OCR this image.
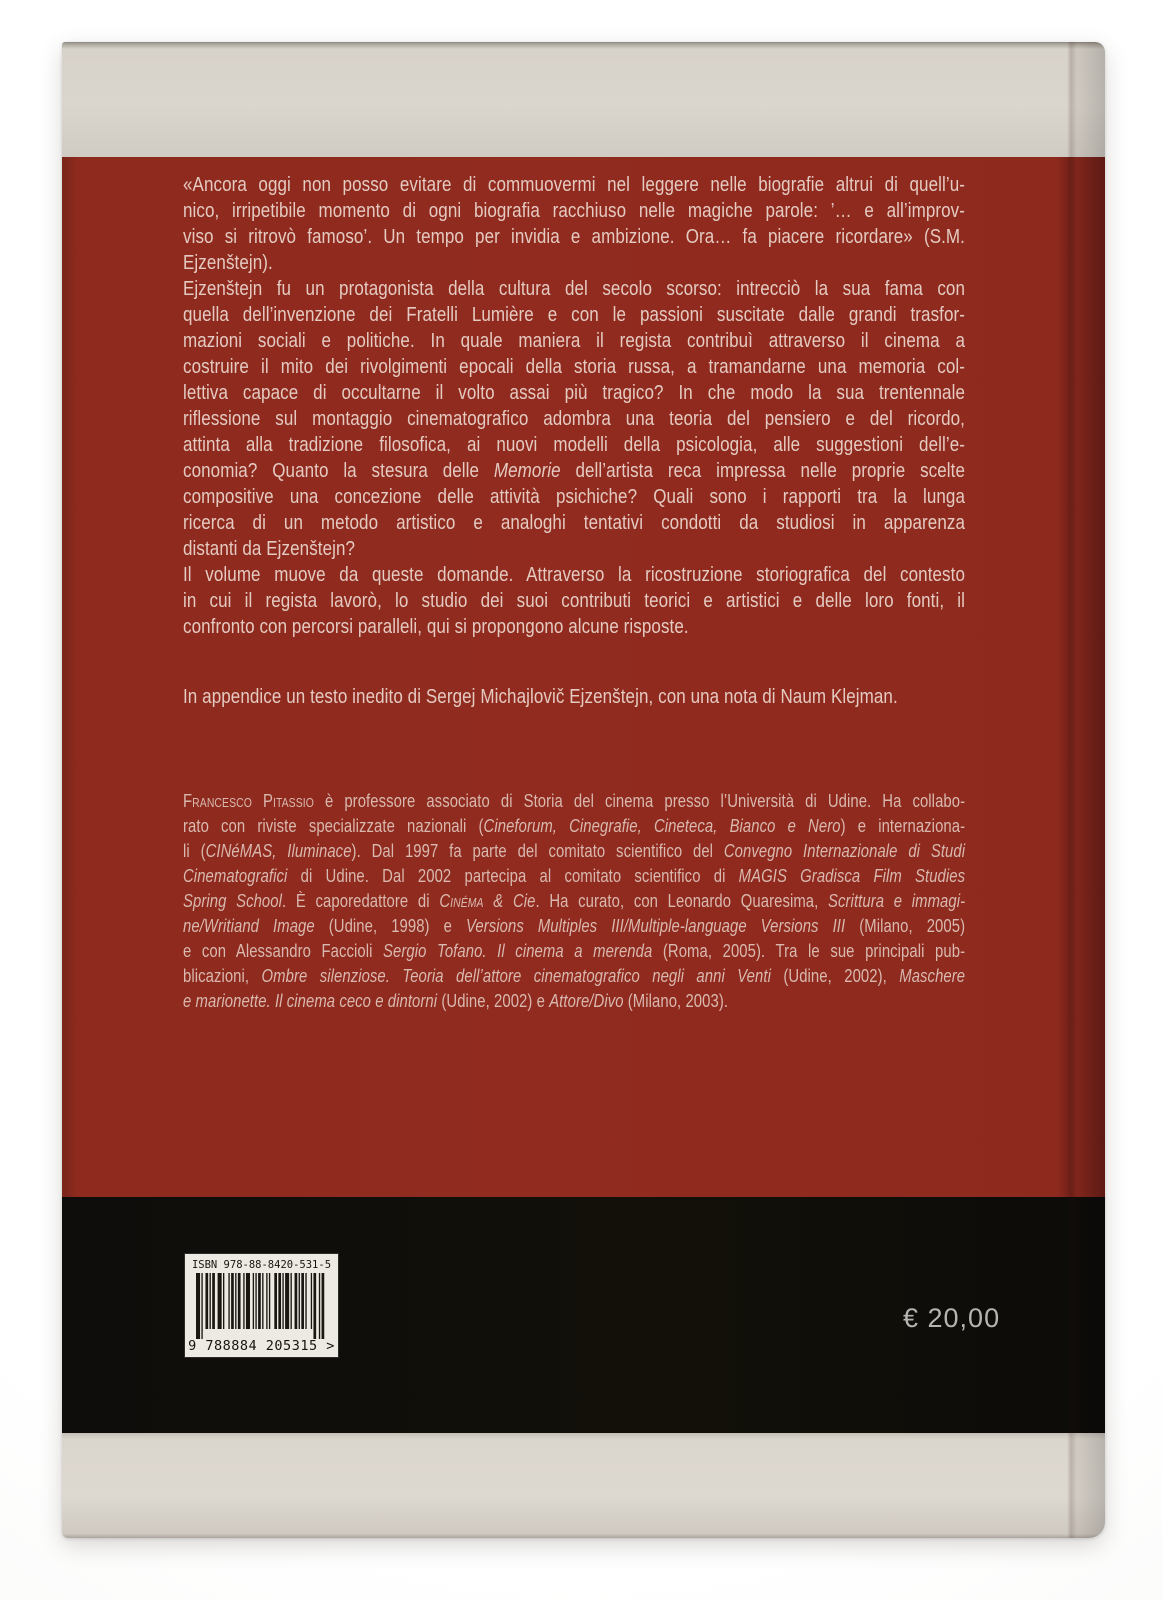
«Ancora oggi non posso evitare di commuovermi nel leggere nelle biografie altrui di quell’u-
nico, irripetibile momento di ogni biografia racchiuso nelle magiche parole: ’… e all’improv-
viso si ritrovò famoso’. Un tempo per invidia e ambizione. Ora… fa piacere ricordare» (S.M.
Ejzenštejn).
Ejzenštejn fu un protagonista della cultura del secolo scorso: intrecciò la sua fama con
quella dell’invenzione dei Fratelli Lumière e con le passioni suscitate dalle grandi trasfor-
mazioni sociali e politiche. In quale maniera il regista contribuì attraverso il cinema a
costruire il mito dei rivolgimenti epocali della storia russa, a tramandarne una memoria col-
lettiva capace di occultarne il volto assai più tragico? In che modo la sua trentennale
riflessione sul montaggio cinematografico adombra una teoria del pensiero e del ricordo,
attinta alla tradizione filosofica, ai nuovi modelli della psicologia, alle suggestioni dell’e-
conomia? Quanto la stesura delle Memorie dell’artista reca impressa nelle proprie scelte
compositive una concezione delle attività psichiche? Quali sono i rapporti tra la lunga
ricerca di un metodo artistico e analoghi tentativi condotti da studiosi in apparenza
distanti da Ejzenštejn?
Il volume muove da queste domande. Attraverso la ricostruzione storiografica del contesto
in cui il regista lavorò, lo studio dei suoi contributi teorici e artistici e delle loro fonti, il
confronto con percorsi paralleli, qui si propongono alcune risposte.
In appendice un testo inedito di Sergej Michajlovič Ejzenštejn, con una nota di Naum Klejman.
Francesco Pitassio è professore associato di Storia del cinema presso l’Università di Udine. Ha collabo-
rato con riviste specializzate nazionali (Cineforum, Cinegrafie, Cineteca, Bianco e Nero) e internaziona-
li (CINéMAS, Iluminace). Dal 1997 fa parte del comitato scientifico del Convegno Internazionale di Studi
Cinematografici di Udine. Dal 2002 partecipa al comitato scientifico di MAGIS Gradisca Film Studies
Spring School. È caporedattore di Cinéma & Cie. Ha curato, con Leonardo Quaresima, Scrittura e immagi-
ne/Writiand Image (Udine, 1998) e Versions Multiples III/Multiple-language Versions III (Milano, 2005)
e con Alessandro Faccioli Sergio Tofano. Il cinema a merenda (Roma, 2005). Tra le sue principali pub-
blicazioni, Ombre silenziose. Teoria dell’attore cinematografico negli anni Venti (Udine, 2002), Maschere
e marionette. Il cinema ceco e dintorni (Udine, 2002) e Attore/Divo (Milano, 2003).
ISBN 978-88-8420-531-5
9 788884 205315 >
€ 20,00
